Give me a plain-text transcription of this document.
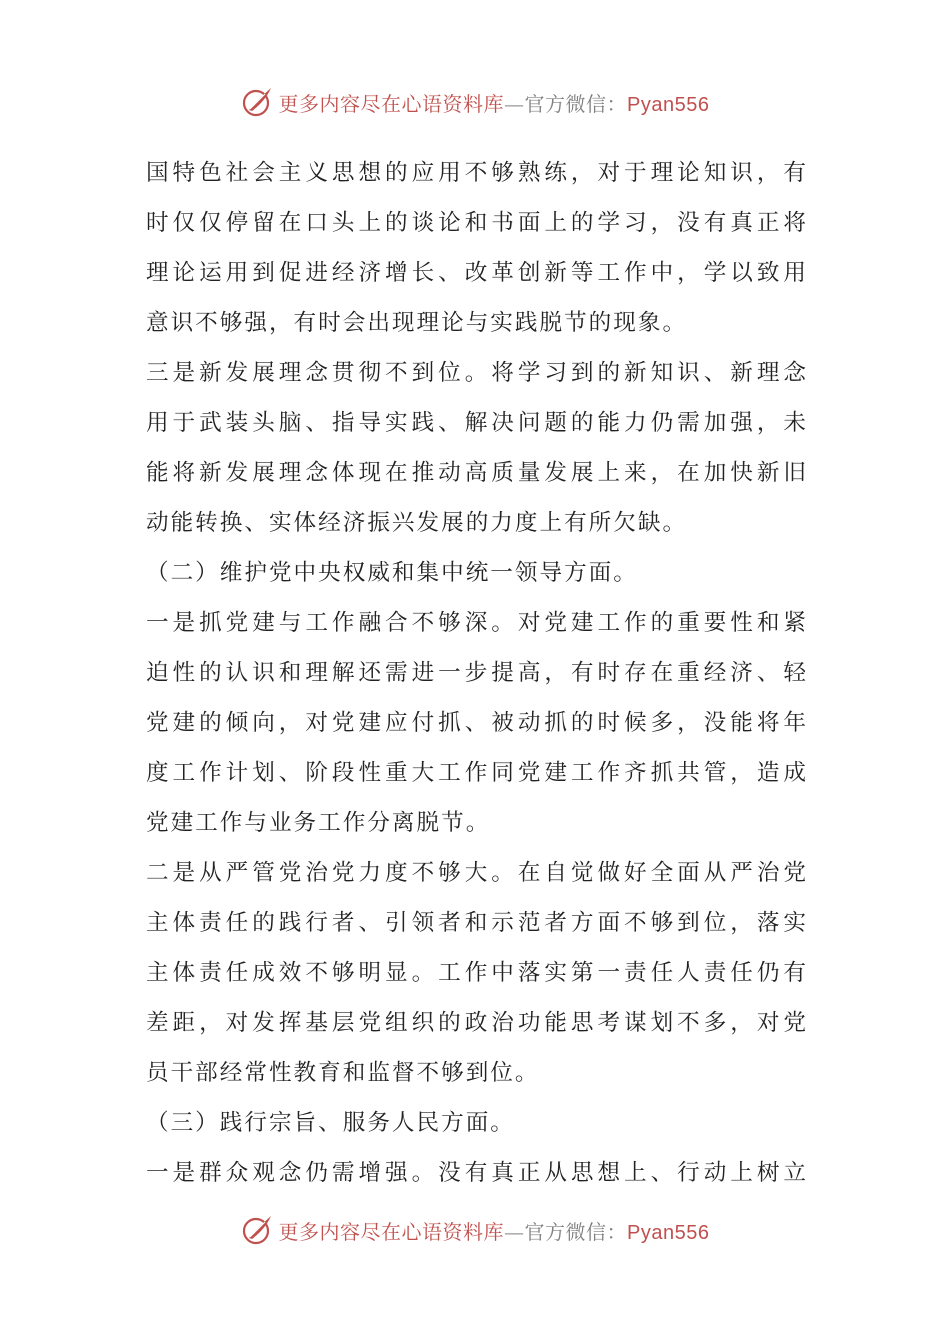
更多内容尽在心语资料库—官方微信：Pyan556
国特色社会主义思想的应用不够熟练，对于理论知识，有
时仅仅停留在口头上的谈论和书面上的学习，没有真正将
理论运用到促进经济增长、改革创新等工作中，学以致用
意识不够强，有时会出现理论与实践脱节的现象。
三是新发展理念贯彻不到位。将学习到的新知识、新理念
用于武装头脑、指导实践、解决问题的能力仍需加强，未
能将新发展理念体现在推动高质量发展上来，在加快新旧
动能转换、实体经济振兴发展的力度上有所欠缺。
（二）维护党中央权威和集中统一领导方面。
一是抓党建与工作融合不够深。对党建工作的重要性和紧
迫性的认识和理解还需进一步提高，有时存在重经济、轻
党建的倾向，对党建应付抓、被动抓的时候多，没能将年
度工作计划、阶段性重大工作同党建工作齐抓共管，造成
党建工作与业务工作分离脱节。
二是从严管党治党力度不够大。在自觉做好全面从严治党
主体责任的践行者、引领者和示范者方面不够到位，落实
主体责任成效不够明显。工作中落实第一责任人责任仍有
差距，对发挥基层党组织的政治功能思考谋划不多，对党
员干部经常性教育和监督不够到位。
（三）践行宗旨、服务人民方面。
一是群众观念仍需增强。没有真正从思想上、行动上树立
更多内容尽在心语资料库—官方微信：Pyan556
